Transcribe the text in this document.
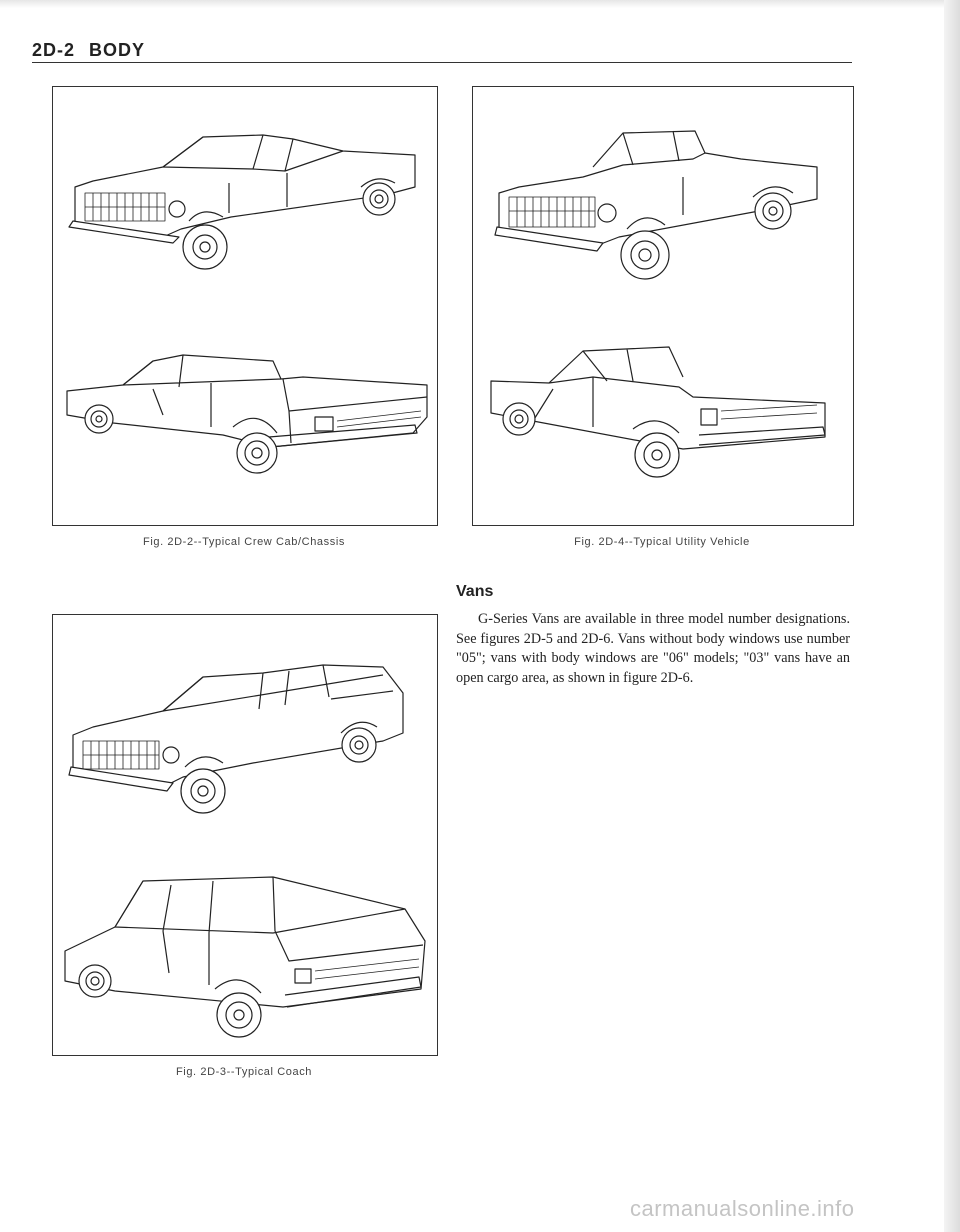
2D-2 BODY
Fig. 2D-2--Typical Crew Cab/Chassis	Fig. 2D-4--Typical Utility Vehicle
Fig. 2D-3--Typical Coach
Vans

G-Series Vans are available in three model number designations. See figures 2D-5 and 2D-6. Vans without body windows use number "05"; vans with body windows are "06" models; "03" vans have an open cargo area, as shown in figure 2D-6.

carmanualsonline.info
